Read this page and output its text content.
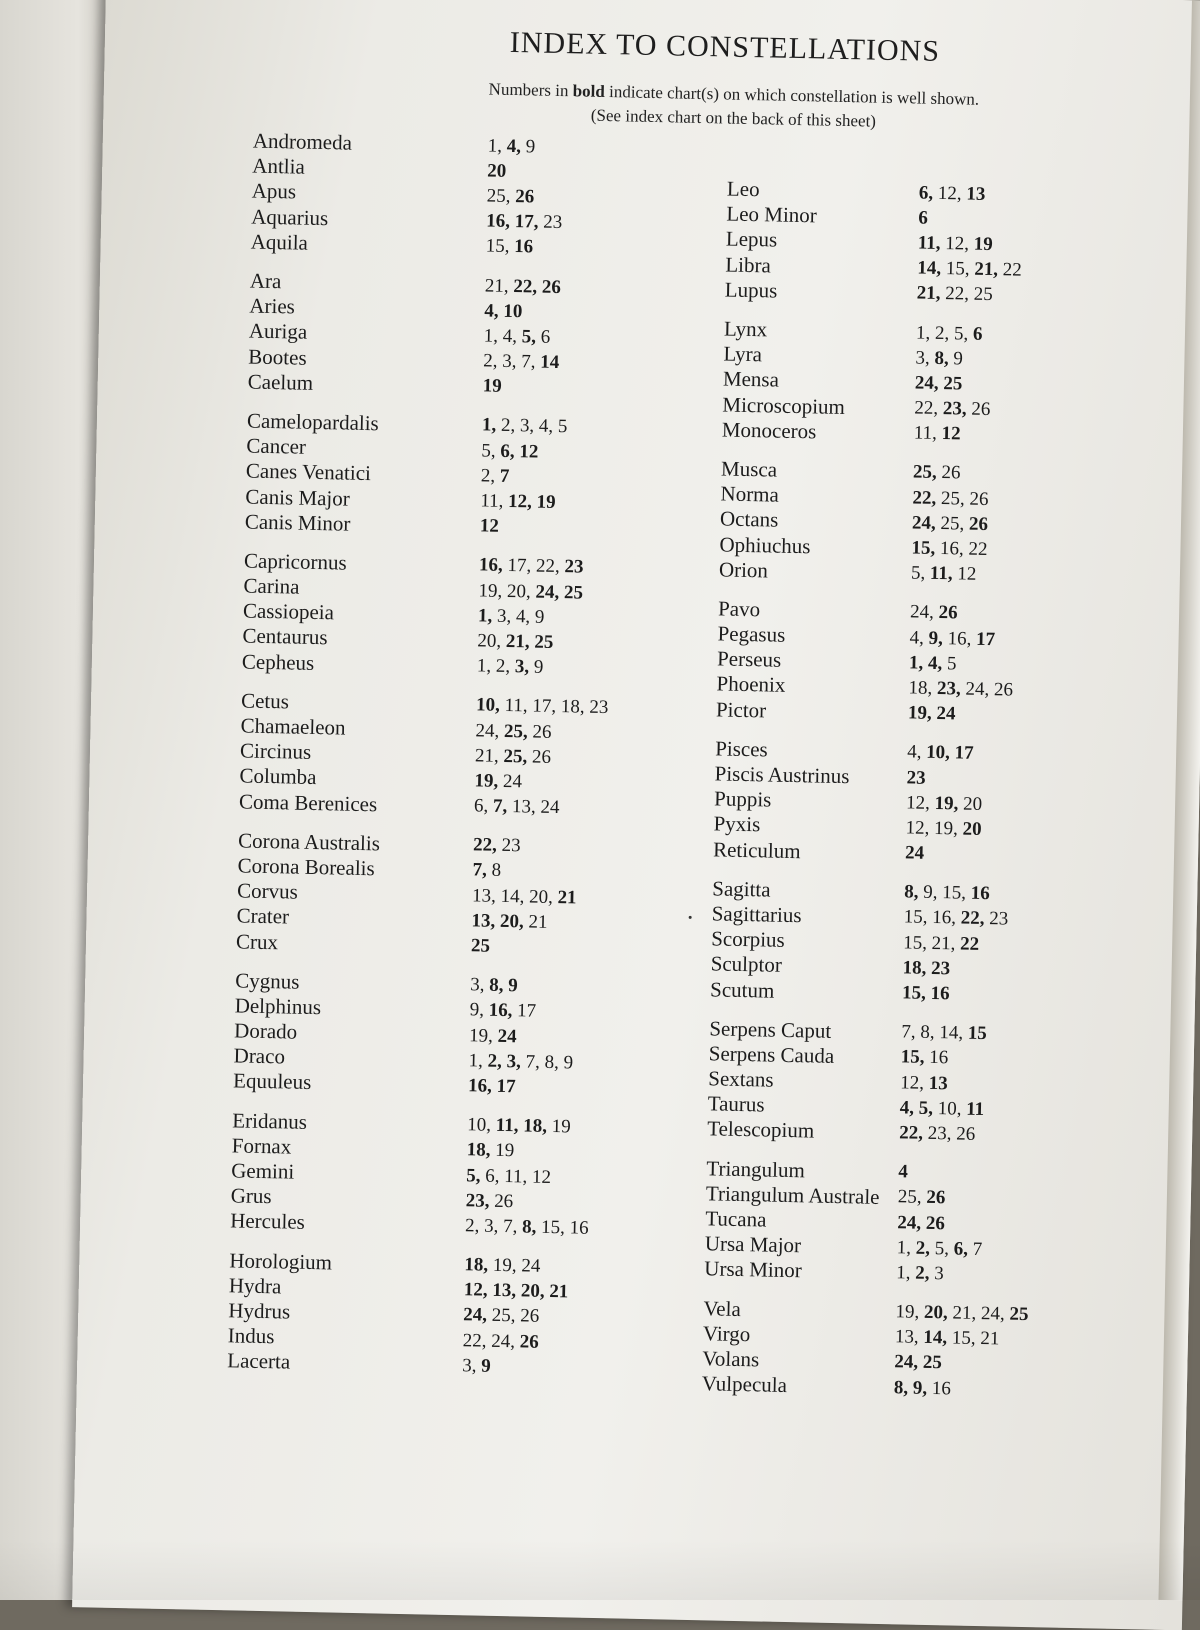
INDEX TO CONSTELLATIONS
Numbers in bold indicate chart(s) on which constellation is well shown.
(See index chart on the back of this sheet)
Andromeda	1, 4, 9
Antlia	20
Apus	25, 26
Aquarius	16, 17, 23
Aquila	15, 16
Ara	21, 22, 26
Aries	4, 10
Auriga	1, 4, 5, 6
Bootes	2, 3, 7, 14
Caelum	19
Camelopardalis	1, 2, 3, 4, 5
Cancer	5, 6, 12
Canes Venatici	2, 7
Canis Major	11, 12, 19
Canis Minor	12
Capricornus	16, 17, 22, 23
Carina	19, 20, 24, 25
Cassiopeia	1, 3, 4, 9
Centaurus	20, 21, 25
Cepheus	1, 2, 3, 9
Cetus	10, 11, 17, 18, 23
Chamaeleon	24, 25, 26
Circinus	21, 25, 26
Columba	19, 24
Coma Berenices	6, 7, 13, 24
Corona Australis	22, 23
Corona Borealis	7, 8
Corvus	13, 14, 20, 21
Crater	13, 20, 21
Crux	25
Cygnus	3, 8, 9
Delphinus	9, 16, 17
Dorado	19, 24
Draco	1, 2, 3, 7, 8, 9
Equuleus	16, 17
Eridanus	10, 11, 18, 19
Fornax	18, 19
Gemini	5, 6, 11, 12
Grus	23, 26
Hercules	2, 3, 7, 8, 15, 16
Horologium	18, 19, 24
Hydra	12, 13, 20, 21
Hydrus	24, 25, 26
Indus	22, 24, 26
Lacerta	3, 9
Leo	6, 12, 13
Leo Minor	6
Lepus	11, 12, 19
Libra	14, 15, 21, 22
Lupus	21, 22, 25
Lynx	1, 2, 5, 6
Lyra	3, 8, 9
Mensa	24, 25
Microscopium	22, 23, 26
Monoceros	11, 12
Musca	25, 26
Norma	22, 25, 26
Octans	24, 25, 26
Ophiuchus	15, 16, 22
Orion	5, 11, 12
Pavo	24, 26
Pegasus	4, 9, 16, 17
Perseus	1, 4, 5
Phoenix	18, 23, 24, 26
Pictor	19, 24
Pisces	4, 10, 17
Piscis Austrinus	23
Puppis	12, 19, 20
Pyxis	12, 19, 20
Reticulum	24
Sagitta	8, 9, 15, 16
Sagittarius	15, 16, 22, 23
Scorpius	15, 21, 22
Sculptor	18, 23
Scutum	15, 16
Serpens Caput	7, 8, 14, 15
Serpens Cauda	15, 16
Sextans	12, 13
Taurus	4, 5, 10, 11
Telescopium	22, 23, 26
Triangulum	4
Triangulum Australe 25, 26
Tucana	24, 26
Ursa Major	1, 2, 5, 6, 7
Ursa Minor	1, 2, 3
Vela	19, 20, 21, 24, 25
Virgo	13, 14, 15, 21
Volans	24, 25
Vulpecula	8, 9, 16
